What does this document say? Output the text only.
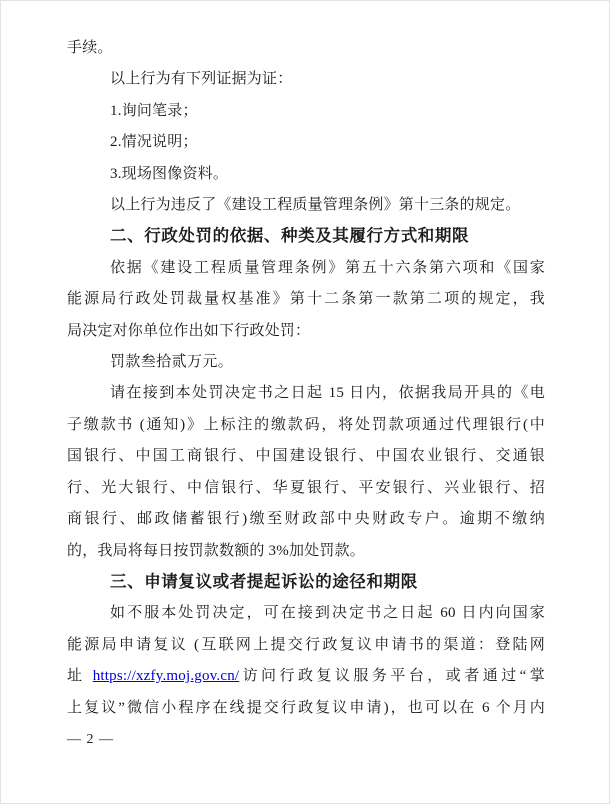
手续。

以上行为有下列证据为证：

1.询问笔录；

2.情况说明；

3.现场图像资料。

以上行为违反了《建设工程质量管理条例》第十三条的规定。

二、行政处罚的依据、种类及其履行方式和期限

依据《建设工程质量管理条例》第五十六条第六项和《国家

能源局行政处罚裁量权基准》第十二条第一款第二项的规定，我

局决定对你单位作出如下行政处罚：

罚款叁拾贰万元。

请在接到本处罚决定书之日起 15 日内，依据我局开具的《电

子缴款书 (通知)》上标注的缴款码，将处罚款项通过代理银行(中

国银行、中国工商银行、中国建设银行、中国农业银行、交通银

行、光大银行、中信银行、华夏银行、平安银行、兴业银行、招

商银行、邮政储蓄银行)缴至财政部中央财政专户。逾期不缴纳

的，我局将每日按罚款数额的 3%加处罚款。

三、申请复议或者提起诉讼的途径和期限

如不服本处罚决定，可在接到决定书之日起 60 日内向国家

能源局申请复议 (互联网上提交行政复议申请书的渠道：登陆网

址 https://xzfy.moj.gov.cn/访问行政复议服务平台，或者通过“掌

上复议”微信小程序在线提交行政复议申请)，也可以在 6 个月内

— 2 —
